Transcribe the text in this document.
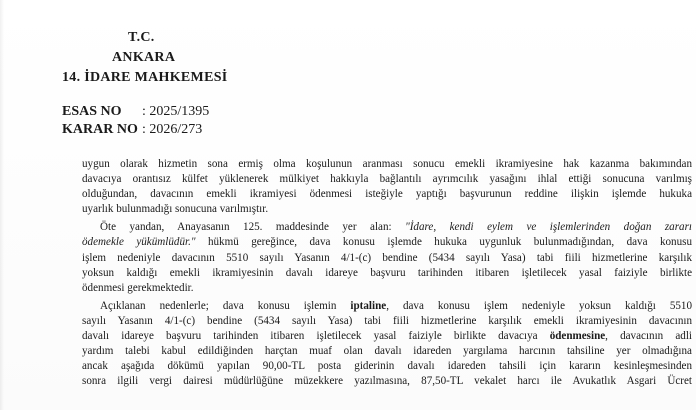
T.C.
ANKARA
14. İDARE MAHKEMESİ
ESAS NO	: 2025/1395
KARAR NO : 2026/273
uygun olarak hizmetin sona ermiş olma koşulunun aranması sonucu emekli ikramiyesine hak kazanma bakımından
davacıya orantısız külfet yüklenerek mülkiyet hakkıyla bağlantılı ayrımcılık yasağını ihlal ettiği sonucuna varılmış
olduğundan, davacının emekli ikramiyesi ödenmesi isteğiyle yaptığı başvurunun reddine ilişkin işlemde hukuka
uyarlık bulunmadığı sonucuna varılmıştır.
Öte yandan, Anayasanın 125. maddesinde yer alan: "İdare, kendi eylem ve işlemlerinden doğan zararı
ödemekle yükümlüdür." hükmü gereğince, dava konusu işlemde hukuka uygunluk bulunmadığından, dava konusu
işlem nedeniyle davacının 5510 sayılı Yasanın 4/1-(c) bendine (5434 sayılı Yasa) tabi fiili hizmetlerine karşılık
yoksun kaldığı emekli ikramiyesinin davalı idareye başvuru tarihinden itibaren işletilecek yasal faiziyle birlikte
ödenmesi gerekmektedir.
Açıklanan nedenlerle; dava konusu işlemin iptaline, dava konusu işlem nedeniyle yoksun kaldığı 5510
sayılı Yasanın 4/1-(c) bendine (5434 sayılı Yasa) tabi fiili hizmetlerine karşılık emekli ikramiyesinin davacının
davalı idareye başvuru tarihinden itibaren işletilecek yasal faiziyle birlikte davacıya ödenmesine, davacının adli
yardım talebi kabul edildiğinden harçtan muaf olan davalı idareden yargılama harcının tahsiline yer olmadığına
ancak aşağıda dökümü yapılan 90,00-TL posta giderinin davalı idareden tahsili için kararın kesinleşmesinden
sonra ilgili vergi dairesi müdürlüğüne müzekkere yazılmasına, 87,50-TL vekalet harcı ile Avukatlık Asgari Ücret
